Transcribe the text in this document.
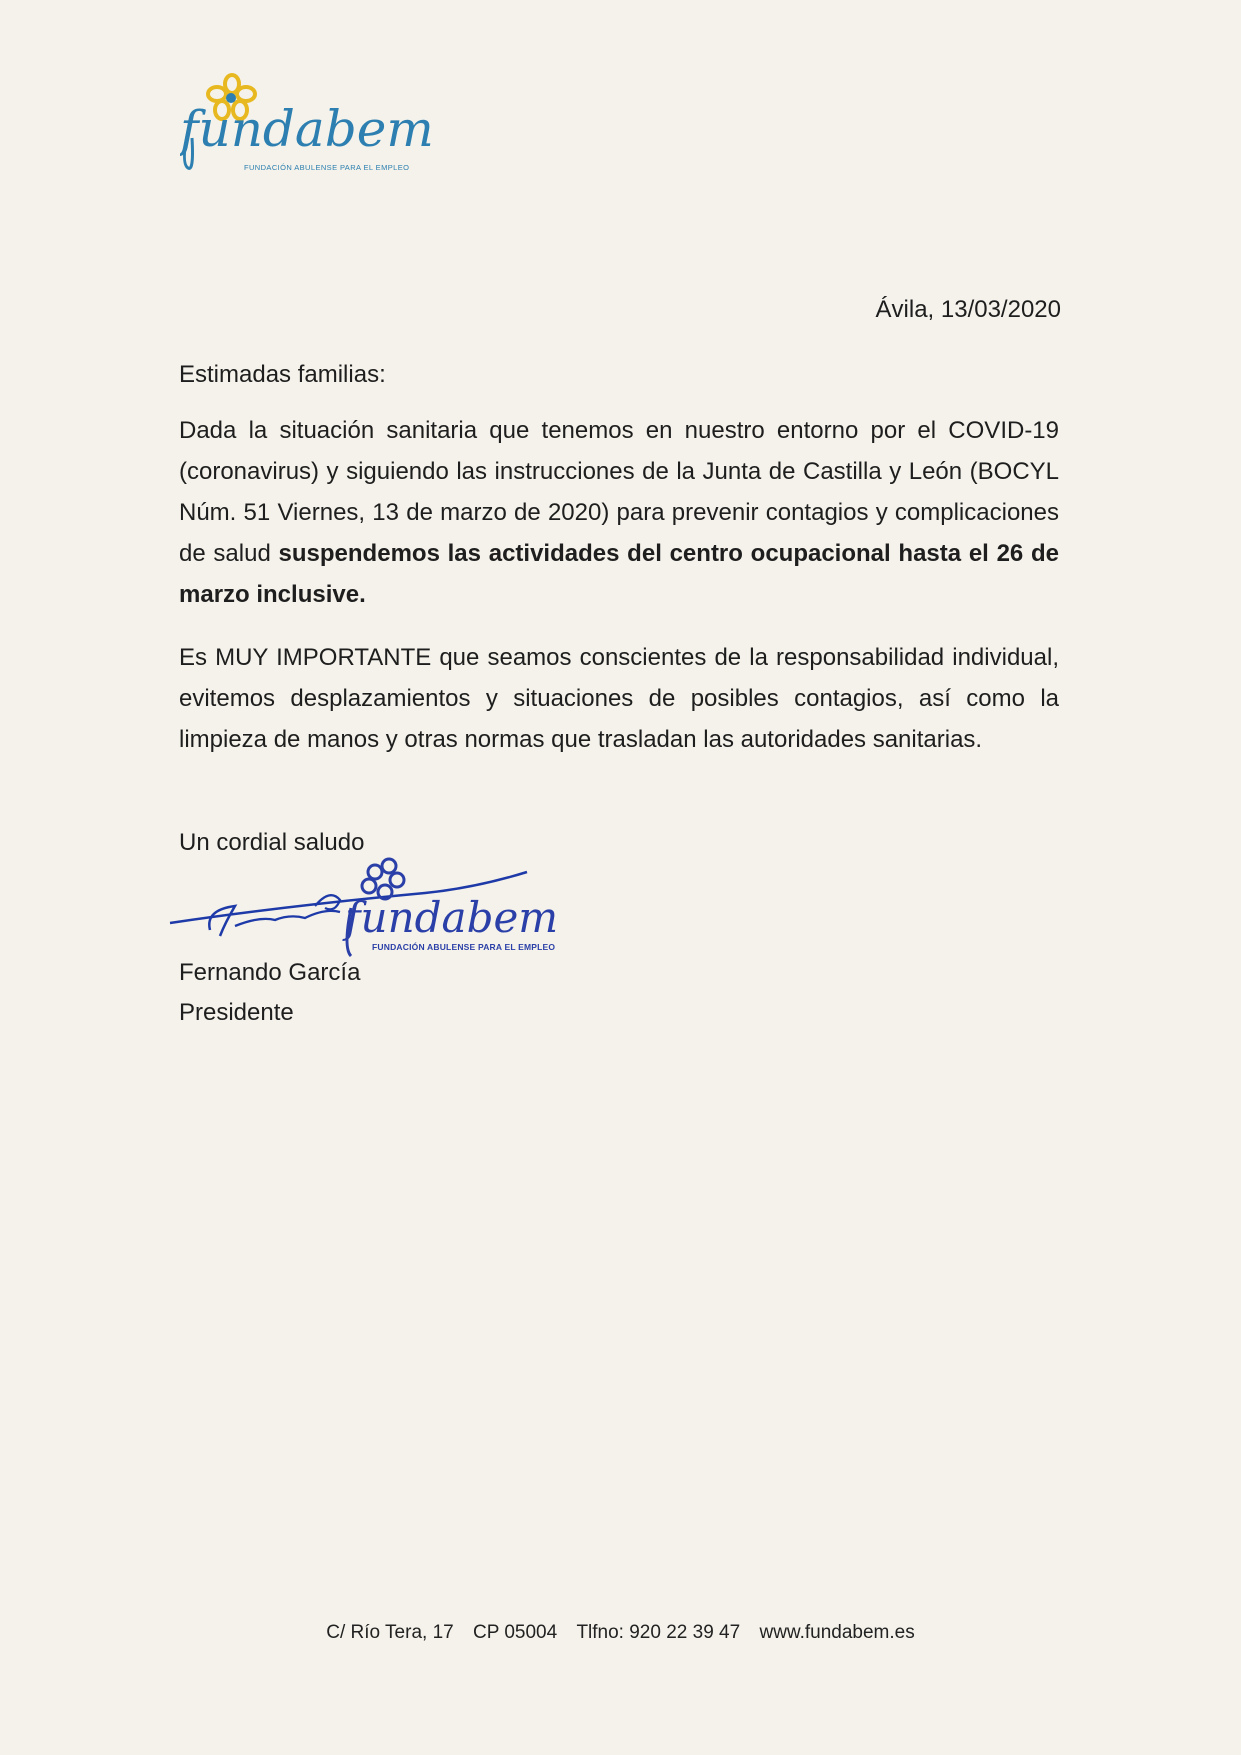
fundabem
FUNDACIÓN ABULENSE PARA EL EMPLEO
Ávila, 13/03/2020
Estimadas familias:
Dada la situación sanitaria que tenemos en nuestro entorno por el COVID-19 (coronavirus) y siguiendo las instrucciones de la Junta de Castilla y León (BOCYL Núm. 51 Viernes, 13 de marzo de 2020) para prevenir contagios y complicaciones de salud suspendemos las actividades del centro ocupacional hasta el 26 de marzo inclusive.
Es MUY IMPORTANTE que seamos conscientes de la responsabilidad individual, evitemos desplazamientos y situaciones de posibles contagios, así como la limpieza de manos y otras normas que trasladan las autoridades sanitarias.
Un cordial saludo
fundabem
FUNDACIÓN ABULENSE PARA EL EMPLEO
Fernando García
Presidente
C/ Río Tera, 17 CP 05004 Tlfno: 920 22 39 47 www.fundabem.es
